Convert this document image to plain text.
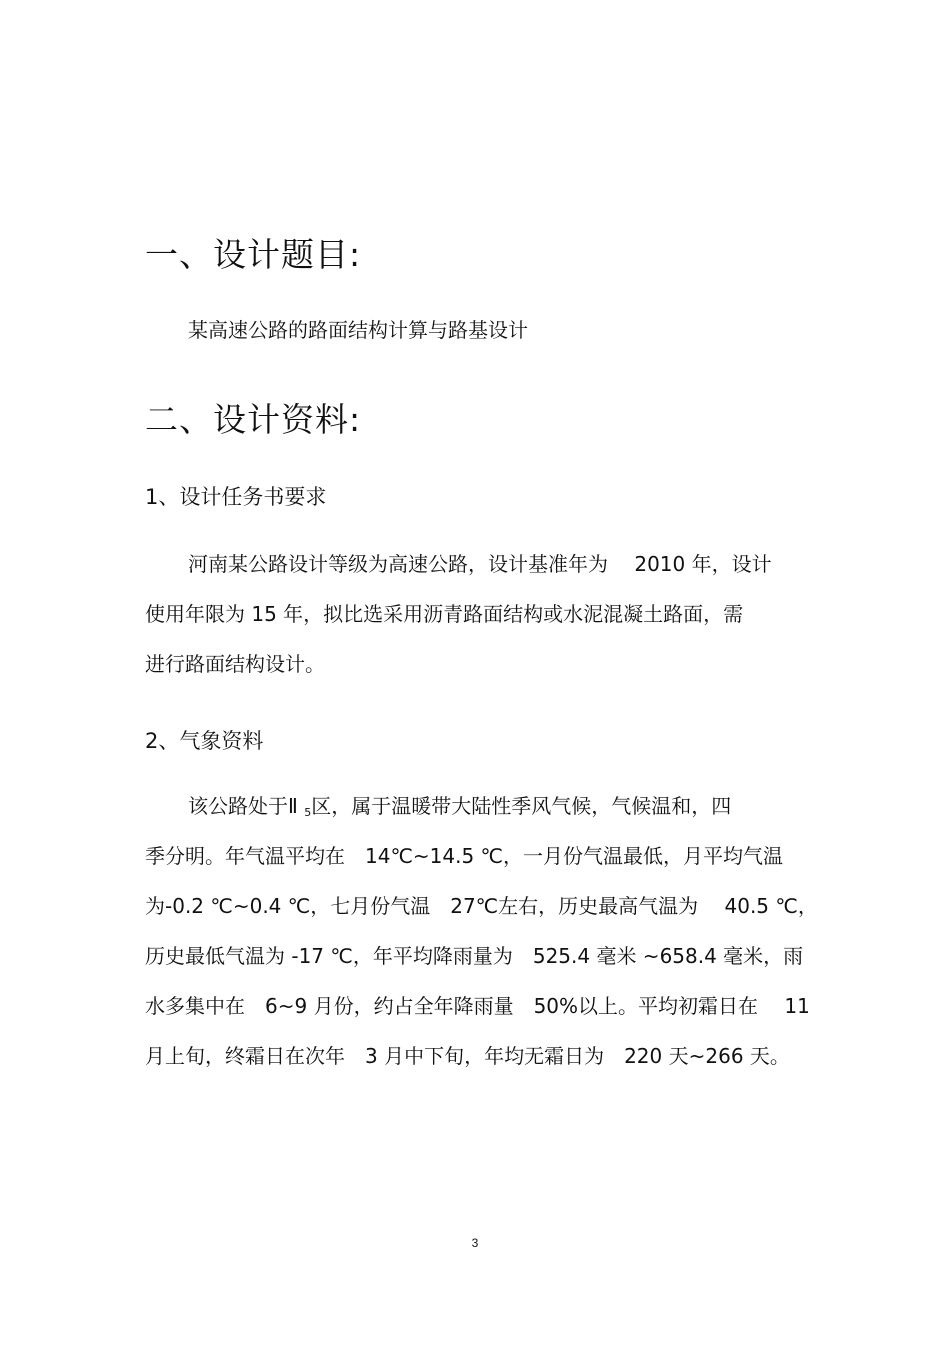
一、设计题目:
某高速公路的路面结构计算与路基设计
二、设计资料:
1、设计任务书要求
河南某公路设计等级为高速公路，设计基准年为　 2010 年，设计
使用年限为 15 年，拟比选采用沥青路面结构或水泥混凝土路面，需
进行路面结构设计。
2、气象资料
该公路处于Ⅱ $_5$区，属于温暖带大陆性季风气候，气候温和，四
季分明。年气温平均在　14℃~14.5 ℃，一月份气温最低，月平均气温
为-0.2 ℃~0.4 ℃，七月份气温　27℃左右，历史最高气温为　 40.5 ℃，
历史最低气温为 -17 ℃，年平均降雨量为　525.4 毫米 ~658.4 毫米，雨
水多集中在　6~9 月份，约占全年降雨量　50%以上。平均初霜日在　 11
月上旬，终霜日在次年　3 月中下旬，年均无霜日为　220 天~266 天。
3
